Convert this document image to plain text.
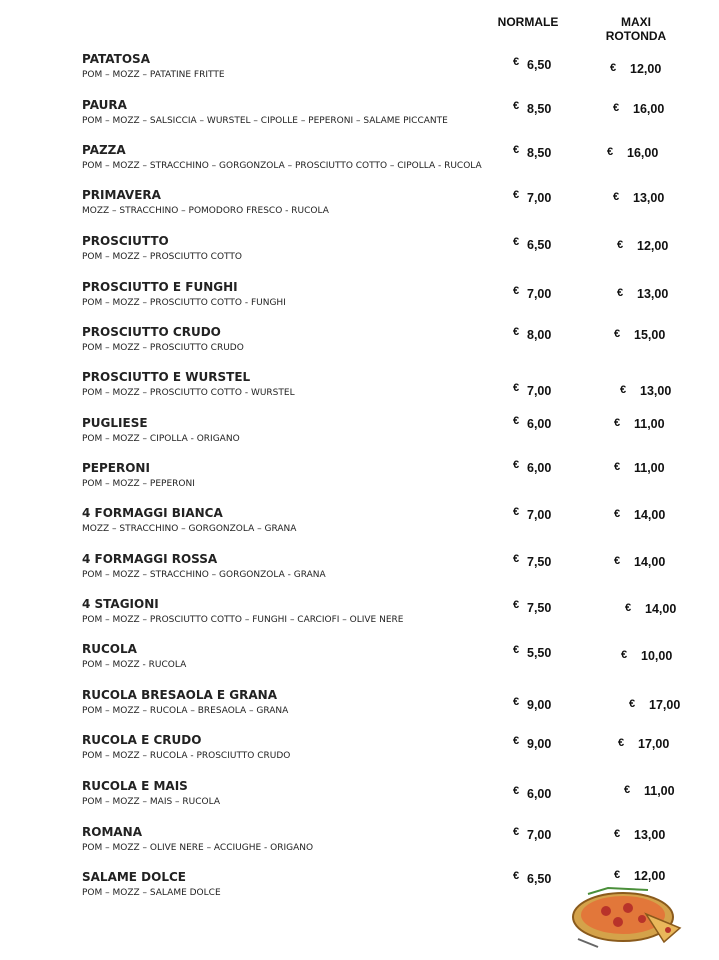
NORMALE	MAXI
ROTONDA
PATATOSA
POM – MOZZ – PATATINE FRITTE
€ 6,50	€ 12,00
PAURA
POM – MOZZ – SALSICCIA – WURSTEL – CIPOLLE – PEPERONI – SALAME PICCANTE
€ 8,50	€ 16,00
PAZZA
POM – MOZZ – STRACCHINO – GORGONZOLA – PROSCIUTTO COTTO – CIPOLLA - RUCOLA
€ 8,50	€ 16,00
PRIMAVERA
MOZZ – STRACCHINO – POMODORO FRESCO - RUCOLA
€ 7,00	€ 13,00
PROSCIUTTO
POM – MOZZ – PROSCIUTTO COTTO
€ 6,50	€ 12,00
PROSCIUTTO E FUNGHI
POM – MOZZ – PROSCIUTTO COTTO - FUNGHI
€ 7,00	€ 13,00
PROSCIUTTO CRUDO
POM – MOZZ – PROSCIUTTO CRUDO
€ 8,00	€ 15,00
PROSCIUTTO E WURSTEL
POM – MOZZ – PROSCIUTTO COTTO - WURSTEL	€ 7,00	€ 13,00
PUGLIESE
POM – MOZZ – CIPOLLA - ORIGANO
€ 6,00	€ 11,00
PEPERONI
POM – MOZZ – PEPERONI
€ 6,00	€ 11,00
4 FORMAGGI BIANCA
MOZZ – STRACCHINO – GORGONZOLA – GRANA
€ 7,00	€ 14,00
4 FORMAGGI ROSSA
POM – MOZZ – STRACCHINO – GORGONZOLA - GRANA
€ 7,50	€ 14,00
4 STAGIONI
POM – MOZZ – PROSCIUTTO COTTO – FUNGHI – CARCIOFI – OLIVE NERE
€ 7,50	€ 14,00
RUCOLA
POM – MOZZ - RUCOLA
€ 5,50	€ 10,00
RUCOLA BRESAOLA E GRANA
POM – MOZZ – RUCOLA – BRESAOLA – GRANA
€ 9,00	€ 17,00
RUCOLA E CRUDO
POM – MOZZ – RUCOLA - PROSCIUTTO CRUDO
€ 9,00	€ 17,00
RUCOLA E MAIS
POM – MOZZ – MAIS – RUCOLA
€ 6,00	€ 11,00
ROMANA
POM – MOZZ – OLIVE NERE – ACCIUGHE - ORIGANO
€ 7,00	€ 13,00
SALAME DOLCE
POM – MOZZ – SALAME DOLCE
€ 6,50	€ 12,00
